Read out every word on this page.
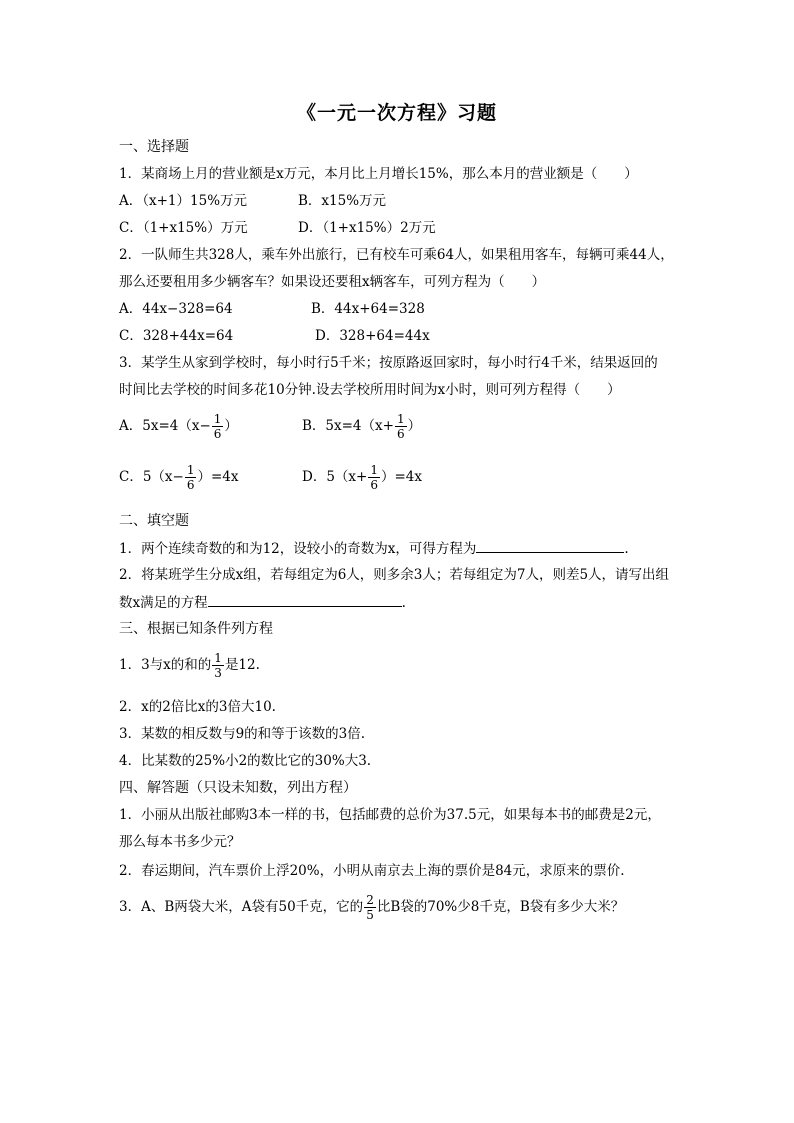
《一元一次方程》习题
一、选择题
1．某商场上月的营业额是x万元，本月比上月增长15%，那么本月的营业额是（　　）
A．（x+1）15%万元	B．x15%万元
C．（1+x15%）万元	D．（1+x15%）2万元
2．一队师生共328人，乘车外出旅行，已有校车可乘64人，如果租用客车，每辆可乘44人，
那么还要租用多少辆客车？如果设还要租x辆客车，可列方程为（　　）
A．44x−328=64	B．44x+64=328
C．328+44x=64	D．328+64=44x
3．某学生从家到学校时，每小时行5千米；按原路返回家时，每小时行4千米，结果返回的
时间比去学校的时间多花10分钟.设去学校所用时间为x小时，则可列方程得（　　）
A．$5x=4(x- \frac{1}{6}$ ）	B．$5x=4(x+ \frac{1}{6}$ ）
C．$5(x- \frac{1}{6} )=4x$	D．$5(x+ \frac{1}{6} )=4x$
二、填空题
1．两个连续奇数的和为12，设较小的奇数为x，可得方程为	.
2．将某班学生分成x组，若每组定为6人，则多余3人；若每组定为7人，则差5人，请写出组
数x满足的方程	.
三、根据已知条件列方程
1．3与x的和的 $\frac{1}{3}$ 是12.
2．x的2倍比x的3倍大10.
3．某数的相反数与9的和等于该数的3倍.
4．比某数的25%小2的数比它的30%大3.
四、解答题（只设未知数，列出方程）
1．小丽从出版社邮购3本一样的书，包括邮费的总价为37.5元，如果每本书的邮费是2元，
那么每本书多少元？
2．春运期间，汽车票价上浮20%，小明从南京去上海的票价是84元，求原来的票价.
3．A、B两袋大米，A袋有50千克，它的 $\frac{2}{5}$ 比B袋的70%少8千克，B袋有多少大米？
